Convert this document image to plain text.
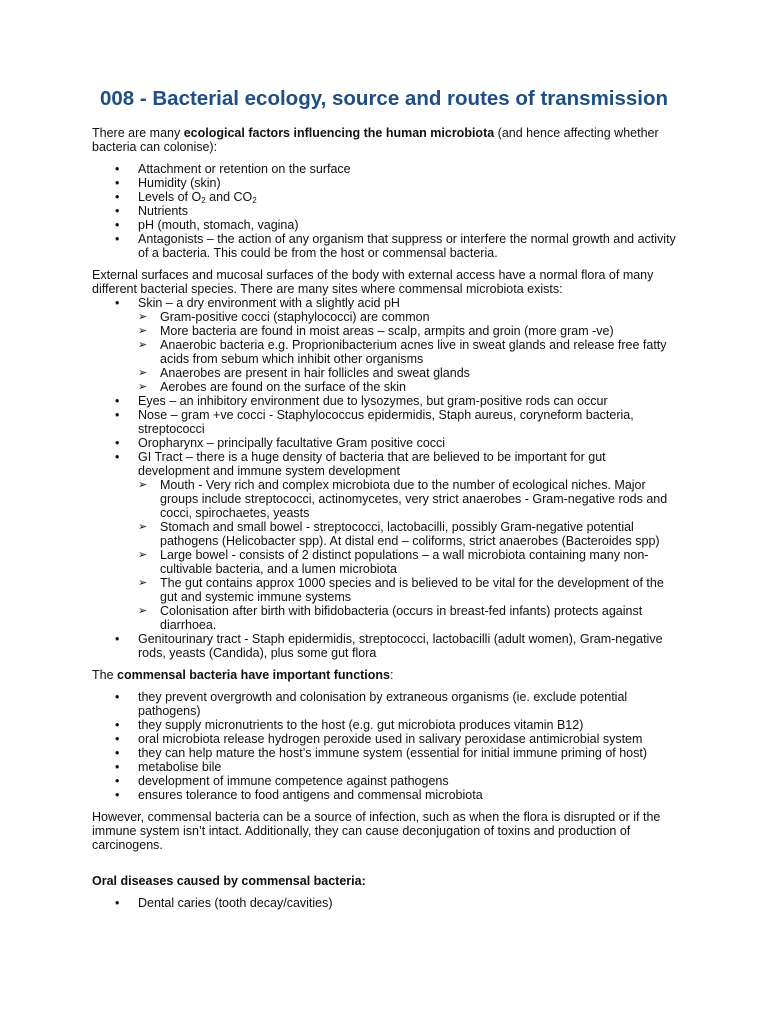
008 - Bacterial ecology, source and routes of transmission

There are many ecological factors influencing the human microbiota (and hence affecting whether bacteria can colonise):

• Attachment or retention on the surface
• Humidity (skin)
• Levels of $O_2$ and $CO_2$
• Nutrients
• pH (mouth, stomach, vagina)
• Antagonists – the action of any organism that suppress or interfere the normal growth and activity of a bacteria. This could be from the host or commensal bacteria.

External surfaces and mucosal surfaces of the body with external access have a normal flora of many different bacterial species. There are many sites where commensal microbiota exists:

• Skin – a dry environment with a slightly acid pH
➢ Gram-positive cocci (staphylococci) are common
➢ More bacteria are found in moist areas – scalp, armpits and groin (more gram -ve)
➢ Anaerobic bacteria e.g. Proprionibacterium acnes live in sweat glands and release free fatty acids from sebum which inhibit other organisms
➢ Anaerobes are present in hair follicles and sweat glands
➢ Aerobes are found on the surface of the skin
• Eyes – an inhibitory environment due to lysozymes, but gram-positive rods can occur
• Nose – gram +ve cocci - Staphylococcus epidermidis, Staph aureus, coryneform bacteria, streptococci
• Oropharynx – principally facultative Gram positive cocci
• GI Tract – there is a huge density of bacteria that are believed to be important for gut development and immune system development
➢ Mouth - Very rich and complex microbiota due to the number of ecological niches. Major groups include streptococci, actinomycetes, very strict anaerobes - Gram-negative rods and cocci, spirochaetes, yeasts
➢ Stomach and small bowel - streptococci, lactobacilli, possibly Gram-negative potential pathogens (Helicobacter spp). At distal end – coliforms, strict anaerobes (Bacteroides spp)
➢ Large bowel - consists of 2 distinct populations – a wall microbiota containing many non-cultivable bacteria, and a lumen microbiota
➢ The gut contains approx 1000 species and is believed to be vital for the development of the gut and systemic immune systems
➢ Colonisation after birth with bifidobacteria (occurs in breast-fed infants) protects against diarrhoea.
• Genitourinary tract - Staph epidermidis, streptococci, lactobacilli (adult women), Gram-negative rods, yeasts (Candida), plus some gut flora

The commensal bacteria have important functions:

• they prevent overgrowth and colonisation by extraneous organisms (ie. exclude potential pathogens)
• they supply micronutrients to the host (e.g. gut microbiota produces vitamin B12)
• oral microbiota release hydrogen peroxide used in salivary peroxidase antimicrobial system
• they can help mature the host’s immune system (essential for initial immune priming of host)
• metabolise bile
• development of immune competence against pathogens
• ensures tolerance to food antigens and commensal microbiota

However, commensal bacteria can be a source of infection, such as when the flora is disrupted or if the immune system isn’t intact. Additionally, they can cause deconjugation of toxins and production of carcinogens.

Oral diseases caused by commensal bacteria:

• Dental caries (tooth decay/cavities)
